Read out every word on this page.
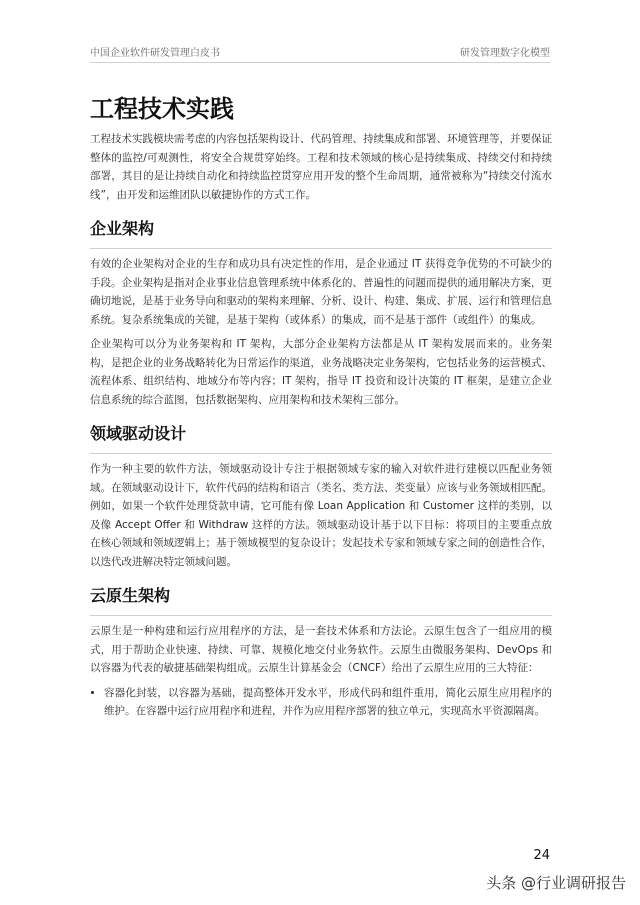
中国企业软件研发管理白皮书	研发管理数字化模型
工程技术实践

工程技术实践模块需考虑的内容包括架构设计、代码管理、持续集成和部署、环境管理等，并要保证整体的监控/可观测性，将安全合规贯穿始终。工程和技术领域的核心是持续集成、持续交付和持续部署，其目的是让持续自动化和持续监控贯穿应用开发的整个生命周期，通常被称为“持续交付流水线”，由开发和运维团队以敏捷协作的方式工作。

企业架构

有效的企业架构对企业的生存和成功具有决定性的作用，是企业通过 IT 获得竞争优势的不可缺少的手段。企业架构是指对企业事业信息管理系统中体系化的、普遍性的问题而提供的通用解决方案，更确切地说，是基于业务导向和驱动的架构来理解、分析、设计、构建、集成、扩展、运行和管理信息系统。复杂系统集成的关键，是基于架构（或体系）的集成，而不是基于部件（或组件）的集成。

企业架构可以分为业务架构和 IT 架构，大部分企业架构方法都是从 IT 架构发展而来的。业务架构，是把企业的业务战略转化为日常运作的渠道，业务战略决定业务架构，它包括业务的运营模式、流程体系、组织结构、地域分布等内容；IT 架构，指导 IT 投资和设计决策的 IT 框架，是建立企业信息系统的综合蓝图，包括数据架构、应用架构和技术架构三部分。

领域驱动设计

作为一种主要的软件方法，领域驱动设计专注于根据领域专家的输入对软件进行建模以匹配业务领域。在领域驱动设计下，软件代码的结构和语言（类名、类方法、类变量）应该与业务领域相匹配。例如，如果一个软件处理贷款申请，它可能有像 Loan Application 和 Customer 这样的类别，以及像 Accept Offer 和 Withdraw 这样的方法。领域驱动设计基于以下目标：将项目的主要重点放在核心领域和领域逻辑上；基于领域模型的复杂设计；发起技术专家和领域专家之间的创造性合作，以迭代改进解决特定领域问题。

云原生架构

云原生是一种构建和运行应用程序的方法，是一套技术体系和方法论。云原生包含了一组应用的模式，用于帮助企业快速、持续、可靠、规模化地交付业务软件。云原生由微服务架构、DevOps 和以容器为代表的敏捷基础架构组成。云原生计算基金会（CNCF）给出了云原生应用的三大特征：

• 容器化封装，以容器为基础，提高整体开发水平，形成代码和组件重用，简化云原生应用程序的维护。在容器中运行应用程序和进程，并作为应用程序部署的独立单元，实现高水平资源隔离。
24
头条 @行业调研报告
